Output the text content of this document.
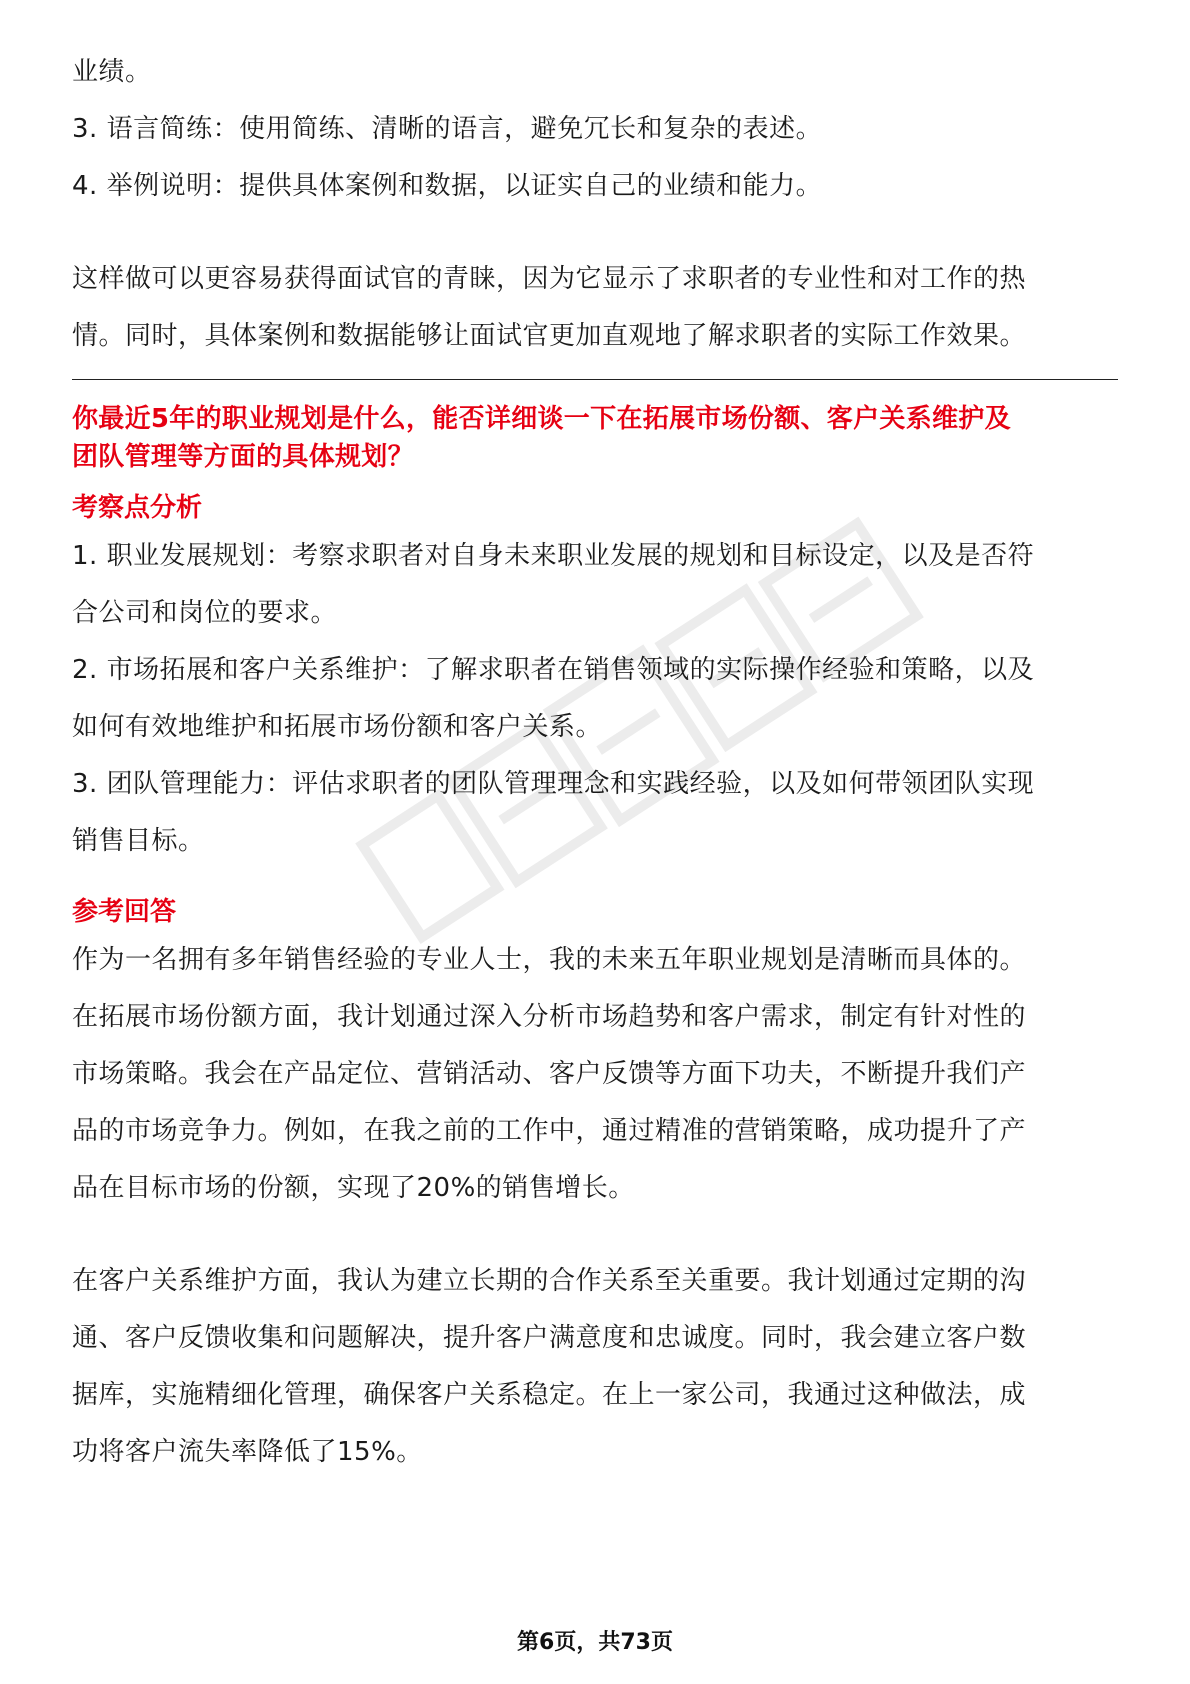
业绩。

3. 语言简练：使用简练、清晰的语言，避免冗长和复杂的表述。

4. 举例说明：提供具体案例和数据，以证实自己的业绩和能力。

这样做可以更容易获得面试官的青睐，因为它显示了求职者的专业性和对工作的热

情。同时，具体案例和数据能够让面试官更加直观地了解求职者的实际工作效果。

你最近5年的职业规划是什么，能否详细谈一下在拓展市场份额、客户关系维护及
团队管理等方面的具体规划？
考察点分析

1. 职业发展规划：考察求职者对自身未来职业发展的规划和目标设定，以及是否符

合公司和岗位的要求。

2. 市场拓展和客户关系维护：了解求职者在销售领域的实际操作经验和策略，以及

如何有效地维护和拓展市场份额和客户关系。

3. 团队管理能力：评估求职者的团队管理理念和实践经验，以及如何带领团队实现

销售目标。

参考回答

作为一名拥有多年销售经验的专业人士，我的未来五年职业规划是清晰而具体的。

在拓展市场份额方面，我计划通过深入分析市场趋势和客户需求，制定有针对性的

市场策略。我会在产品定位、营销活动、客户反馈等方面下功夫，不断提升我们产

品的市场竞争力。例如，在我之前的工作中，通过精准的营销策略，成功提升了产

品在目标市场的份额，实现了20%的销售增长。

在客户关系维护方面，我认为建立长期的合作关系至关重要。我计划通过定期的沟

通、客户反馈收集和问题解决，提升客户满意度和忠诚度。同时，我会建立客户数

据库，实施精细化管理，确保客户关系稳定。在上一家公司，我通过这种做法，成

功将客户流失率降低了15%。

第6页，共73页
